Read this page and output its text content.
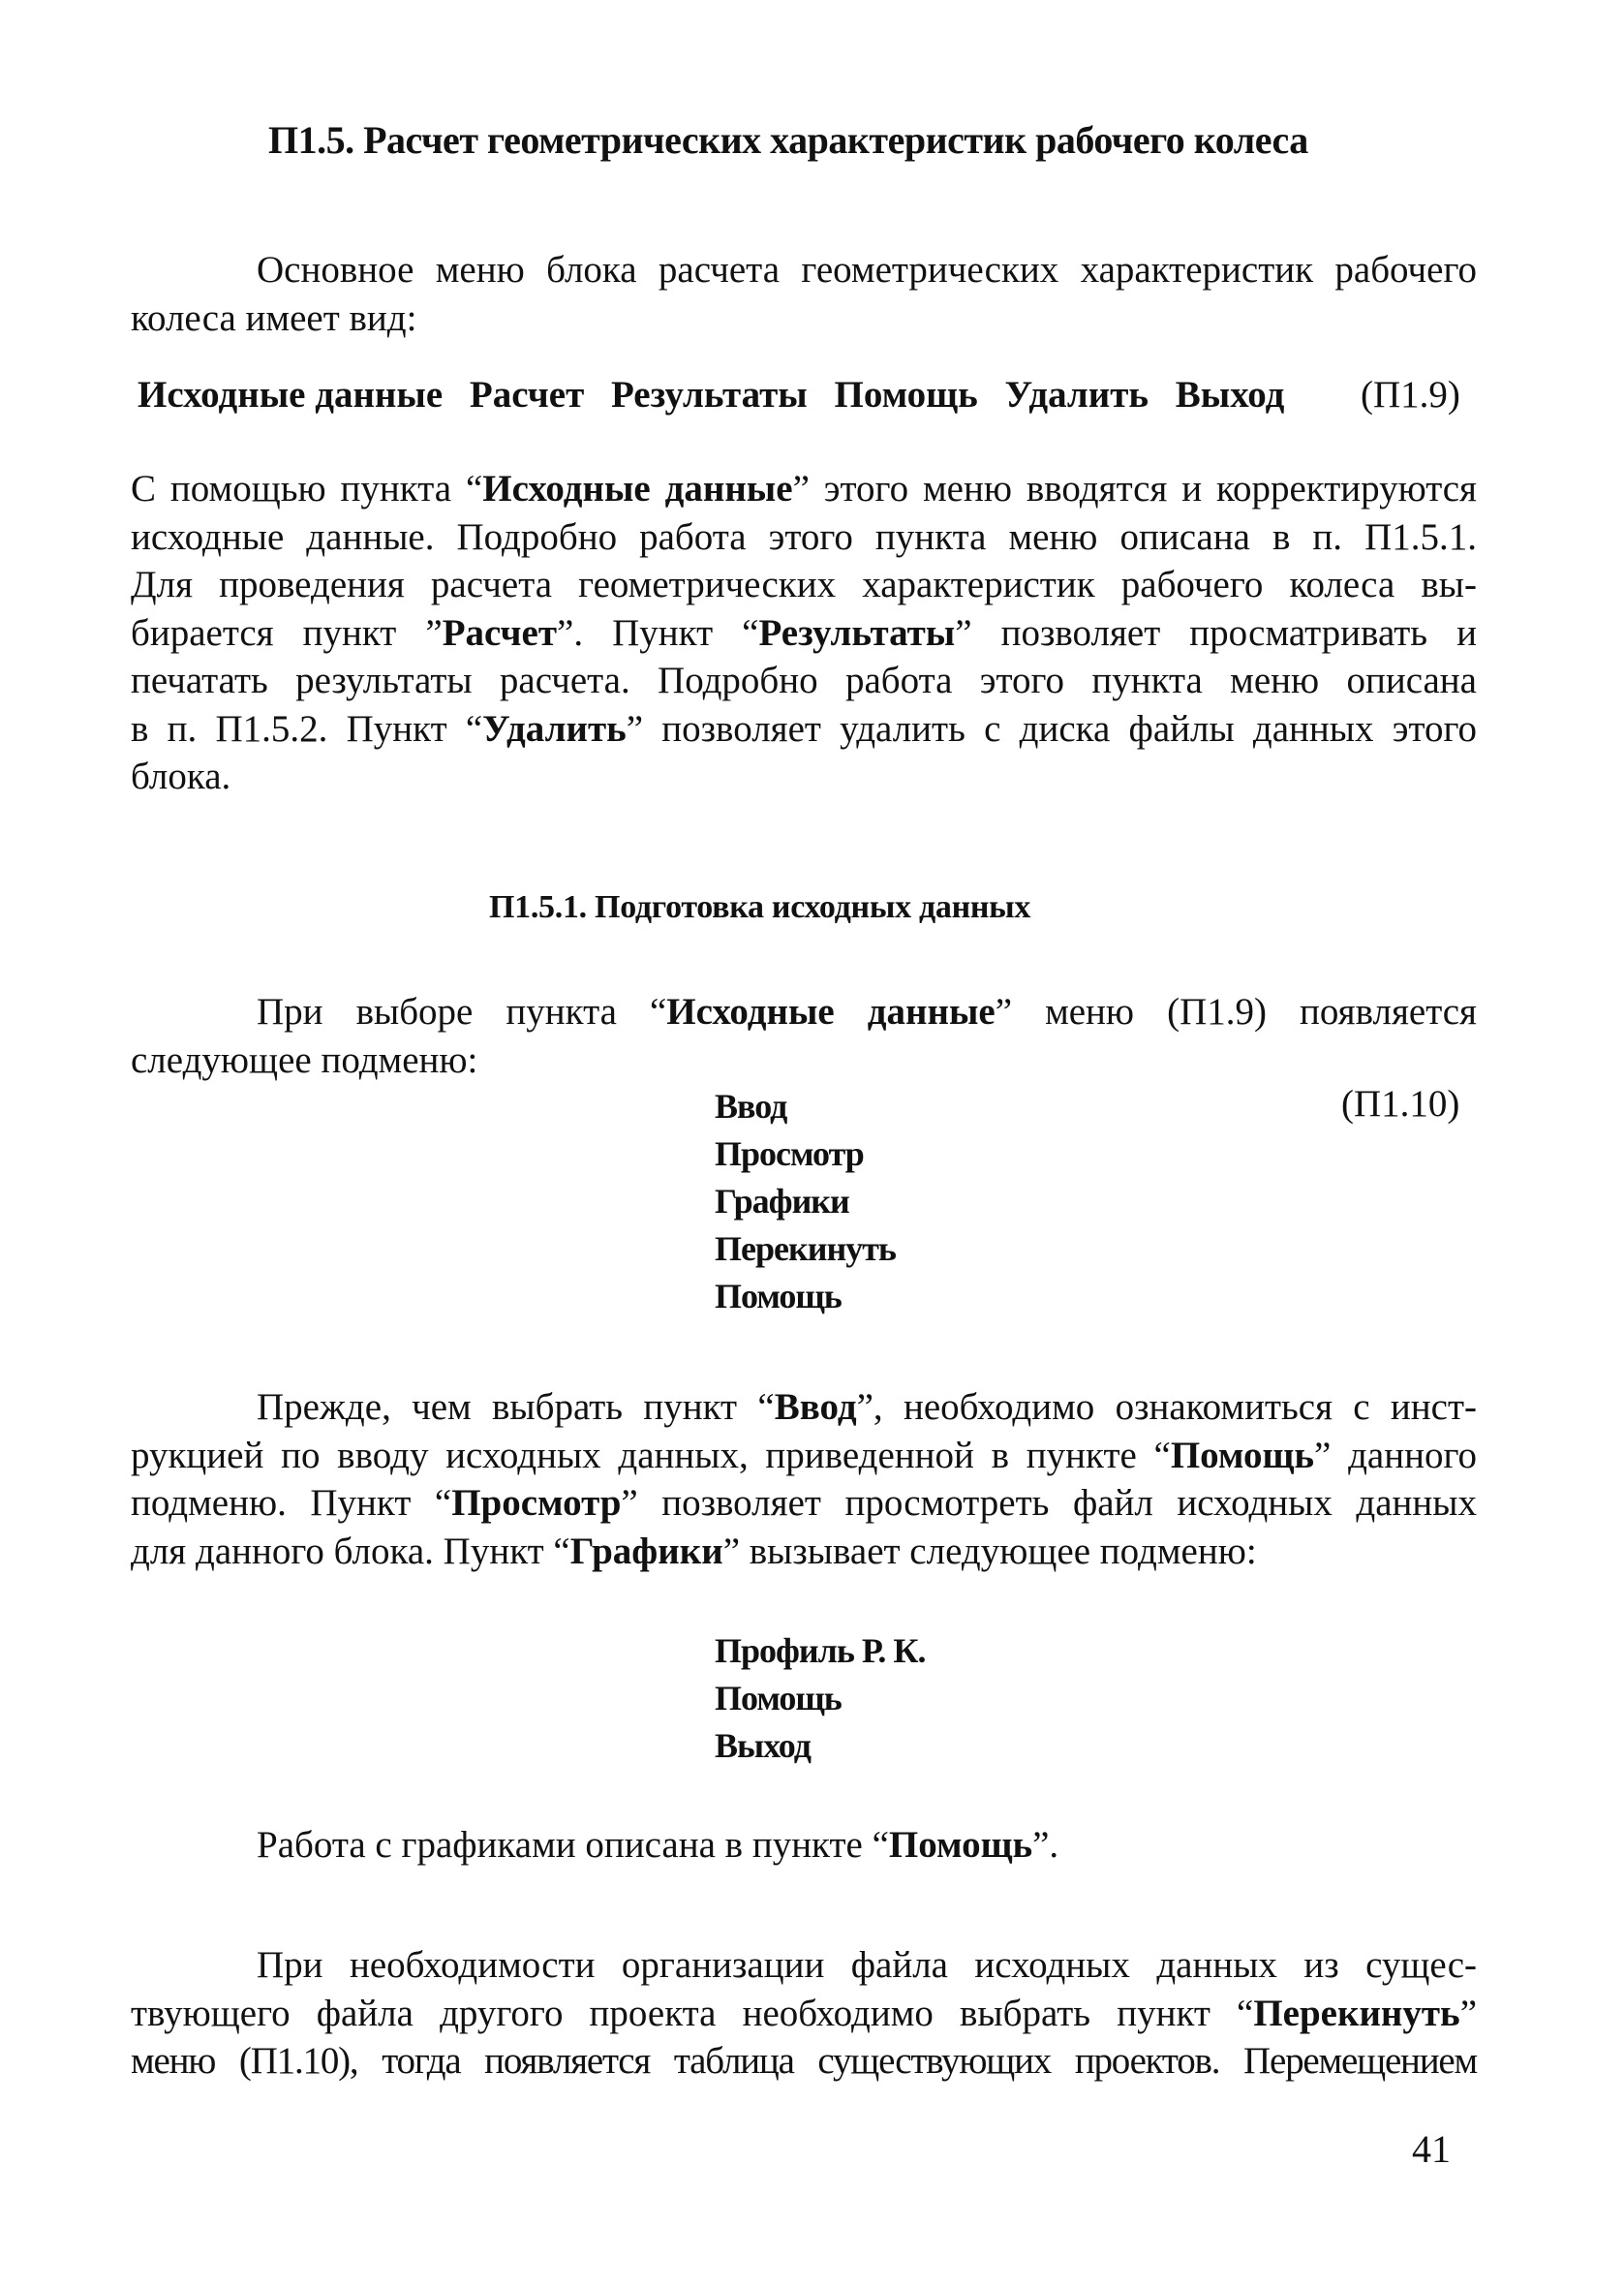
П1.5. Расчет геометрических характеристик рабочего колеса
Основное меню блока расчета геометрических характеристик рабочего
колеса имеет вид:
Исходные данные Расчет Результаты Помощь Удалить Выход	(П1.9)
С помощью пункта “Исходные данные” этого меню вводятся и корректируются
исходные данные. Подробно работа этого пункта меню описана в п. П1.5.1.
Для проведения расчета геометрических характеристик рабочего колеса вы-
бирается пункт ”Расчет”. Пункт “Результаты” позволяет просматривать и
печатать результаты расчета. Подробно работа этого пункта меню описана
в п. П1.5.2. Пункт “Удалить” позволяет удалить с диска файлы данных этого
блока.
П1.5.1. Подготовка исходных данных
При выборе пункта “Исходные данные” меню (П1.9) появляется
следующее подменю:
Ввод
Просмотр
Графики
Перекинуть
Помощь
(П1.10)
Прежде, чем выбрать пункт “Ввод”, необходимо ознакомиться с инст-
рукцией по вводу исходных данных, приведенной в пункте “Помощь” данного
подменю. Пункт “Просмотр” позволяет просмотреть файл исходных данных
для данного блока. Пункт “Графики” вызывает следующее подменю:
Профиль Р. К.
Помощь
Выход
Работа с графиками описана в пункте “Помощь”.
При необходимости организации файла исходных данных из сущес-
твующего файла другого проекта необходимо выбрать пункт “Перекинуть”
меню (П1.10), тогда появляется таблица существующих проектов. Перемещением
41
